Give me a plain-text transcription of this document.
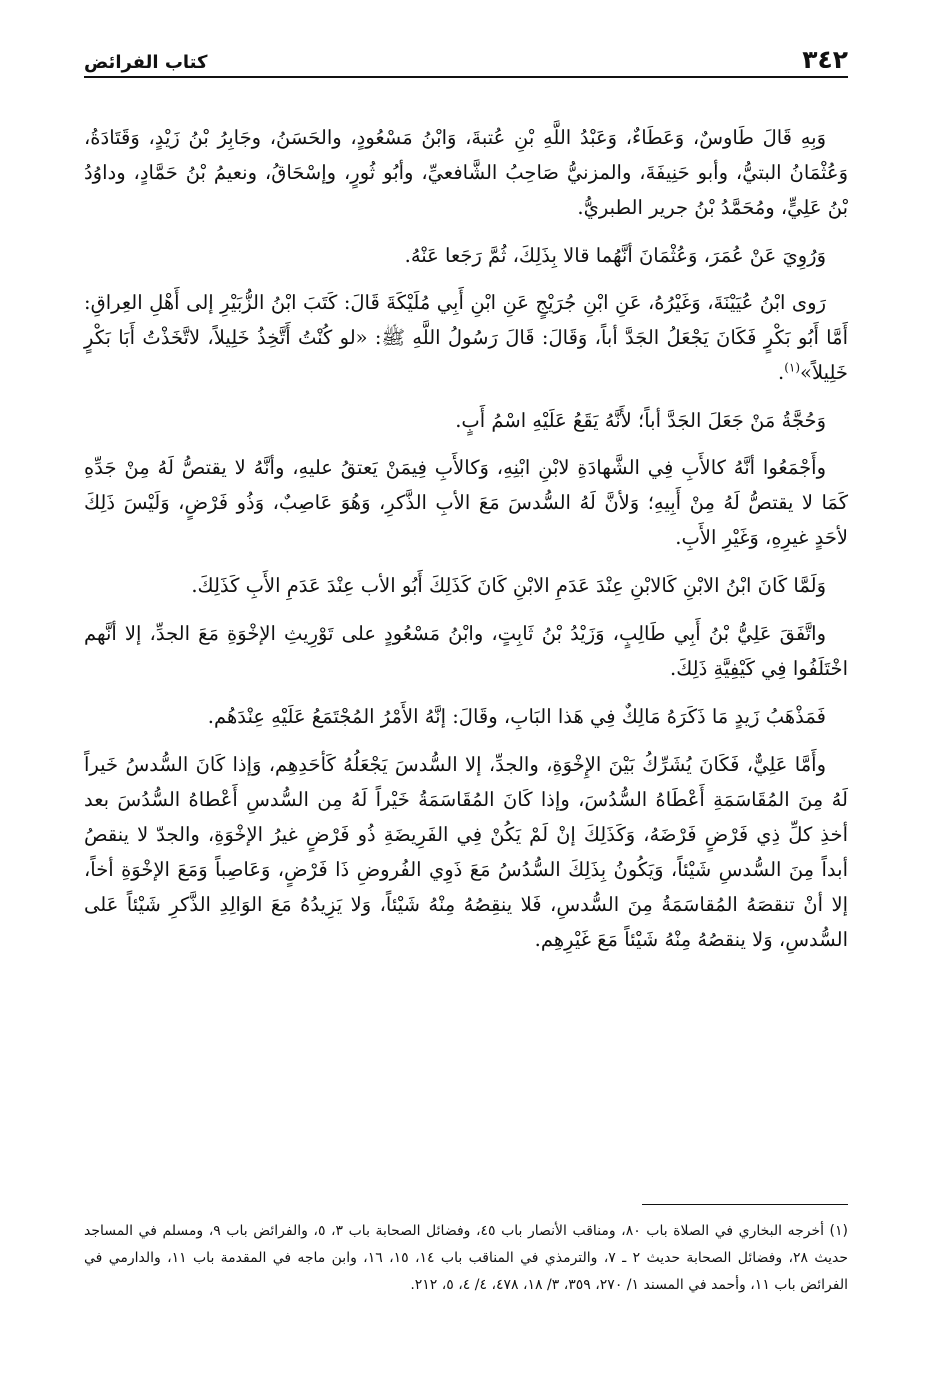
٣٤٢
كتاب الفرائض

وَبِهِ قَالَ طَاوسٌ، وَعَطَاءٌ، وَعَبْدُ اللَّهِ بْنِ عُتبةَ، وَابْنُ مَسْعُودٍ، والحَسَنُ، وجَابِرُ بْنُ زَيْدٍ، وَقَتَادَةُ، وَعُثْمَانُ البتيُّ، وأبو حَنِيفَةَ، والمزنيُّ صَاحِبُ الشَّافعيِّ، وأبُو ثُورٍ، وإسْحَاقُ، ونعيمُ بْنُ حَمَّادٍ، وداوُدُ بْنُ عَلِيٍّ، ومُحَمَّدُ بْنُ جرير الطبريُّ.

وَرُوِيَ عَنْ عُمَرَ، وَعُثْمَانَ أنَّهُما قالا بِذَلِكَ، ثُمَّ رَجَعا عَنْهُ.

رَوى ابْنُ عُيَيْنَةَ، وَغَيْرُهُ، عَنِ ابْنِ جُرَيْجٍ عَنِ ابْنِ أَبِي مُلَيْكَةَ قَالَ: كَتَبَ ابْنُ الزُّبَيْرِ إلى أَهْلِ العِراقِ: أَمَّا أَبُو بَكْرٍ فَكَانَ يَجْعَلُ الجَدَّ أباً، وَقَالَ: قَالَ رَسُولُ اللَّهِ ﷺ: «لو كُنْتُ أَتَّخِذُ خَلِيلاً، لاتَّخَذْتُ أَبَا بَكْرٍ خَلِيلاً»$^{(١)}$.

وَحُجَّةُ مَنْ جَعَلَ الجَدَّ أباً؛ لأَنَّهُ يَقَعُ عَلَيْهِ اسْمُ أَبٍ.

وأَجْمَعُوا أنَّهُ كالأَبِ فِي الشَّهادَةِ لابْنِ ابْنِهِ، وَكالأَبِ فِيمَنْ يَعتقُ عليهِ، وأنَّهُ لا يقتصُّ لَهُ مِنْ جَدِّهِ كَمَا لا يقتصُّ لَهُ مِنْ أَبِيهِ؛ وَلأنَّ لَهُ السُّدسَ مَعَ الأبِ الذَّكرِ، وَهُوَ عَاصِبٌ، وَذُو فَرْضٍ، وَلَيْسَ ذَلِكَ لأحَدٍ غيرِهِ، وَغَيْرِ الأَبِ.

وَلَمَّا كَانَ ابْنُ الابْنِ كَالابْنِ عِنْدَ عَدَمِ الابْنِ كَانَ كَذَلِكَ أَبُو الأب عِنْدَ عَدَمِ الأَبِ كَذَلِكَ.

واتَّفَقَ عَلِيُّ بْنُ أَبِي طَالِبٍ، وَزَيْدُ بْنُ ثَابِتٍ، وابْنُ مَسْعُودٍ على تَوْرِيثِ الإخْوَةِ مَعَ الجدِّ، إلا أنَّهم اخْتَلَفُوا فِي كَيْفِيَّةِ ذَلِكَ.

فَمَذْهَبُ زَيدٍ مَا ذَكَرَهُ مَالِكٌ فِي هَذا البَابِ، وقَالَ: إنَّهُ الأَمْرُ المُجْتَمَعُ عَلَيْهِ عِنْدَهُم.

وأَمَّا عَلِيٌّ، فَكَانَ يُشَرِّكُ بَيْنَ الإِخْوَةِ، والجدِّ، إلا السُّدسَ يَجْعَلُهُ كَأحَدِهِم، وَإذا كَانَ السُّدسُ خَيراً لَهُ مِنَ المُقَاسَمَةِ أَعْطَاهُ السُّدُسَ، وإذا كَانَ المُقَاسَمَةُ خَيْراً لَهُ مِن السُّدسِ أَعْطاهُ السُّدُسَ بعد أخذِ كلِّ ذِي فَرْضٍ فَرْضَهُ، وَكَذَلِكَ إنْ لَمْ يَكُنْ فِي الفَرِيضَةِ ذُو فَرْضٍ غيرُ الإخْوَةِ، والجدّ لا ينقصُ أبداً مِنَ السُّدسِ شَيْئاً، وَيَكُونُ بِذَلِكَ السُّدُسُ مَعَ ذَوِي الفُروضِ ذَا فَرْضٍ، وَعَاصِباً وَمَعَ الإخْوَةِ أخاً، إلا أنْ تنقصَهُ المُقاسَمَةُ مِنَ السُّدسِ، فَلا ينقِصُهُ مِنْهُ شَيْئاً، وَلا يَزِيدُهُ مَعَ الوَالِدِ الذَّكرِ شَيْئاً عَلى السُّدسِ، وَلا ينقصُهُ مِنْهُ شَيْئاً مَعَ غَيْرِهِم.

(١) أخرجه البخاري في الصلاة باب ٨٠، ومناقب الأنصار باب ٤٥، وفضائل الصحابة باب ٣، ٥، والفرائض باب ٩، ومسلم في المساجد حديث ٢٨، وفضائل الصحابة حديث ٢ ـ ٧، والترمذي في المناقب باب ١٤، ١٥، ١٦، وابن ماجه في المقدمة باب ١١، والدارمي في الفرائض باب ١١، وأحمد في المسند ١/ ٢٧٠، ٣٥٩، ٣/ ١٨، ٤٧٨، ٤/ ٤، ٥، ٢١٢.
